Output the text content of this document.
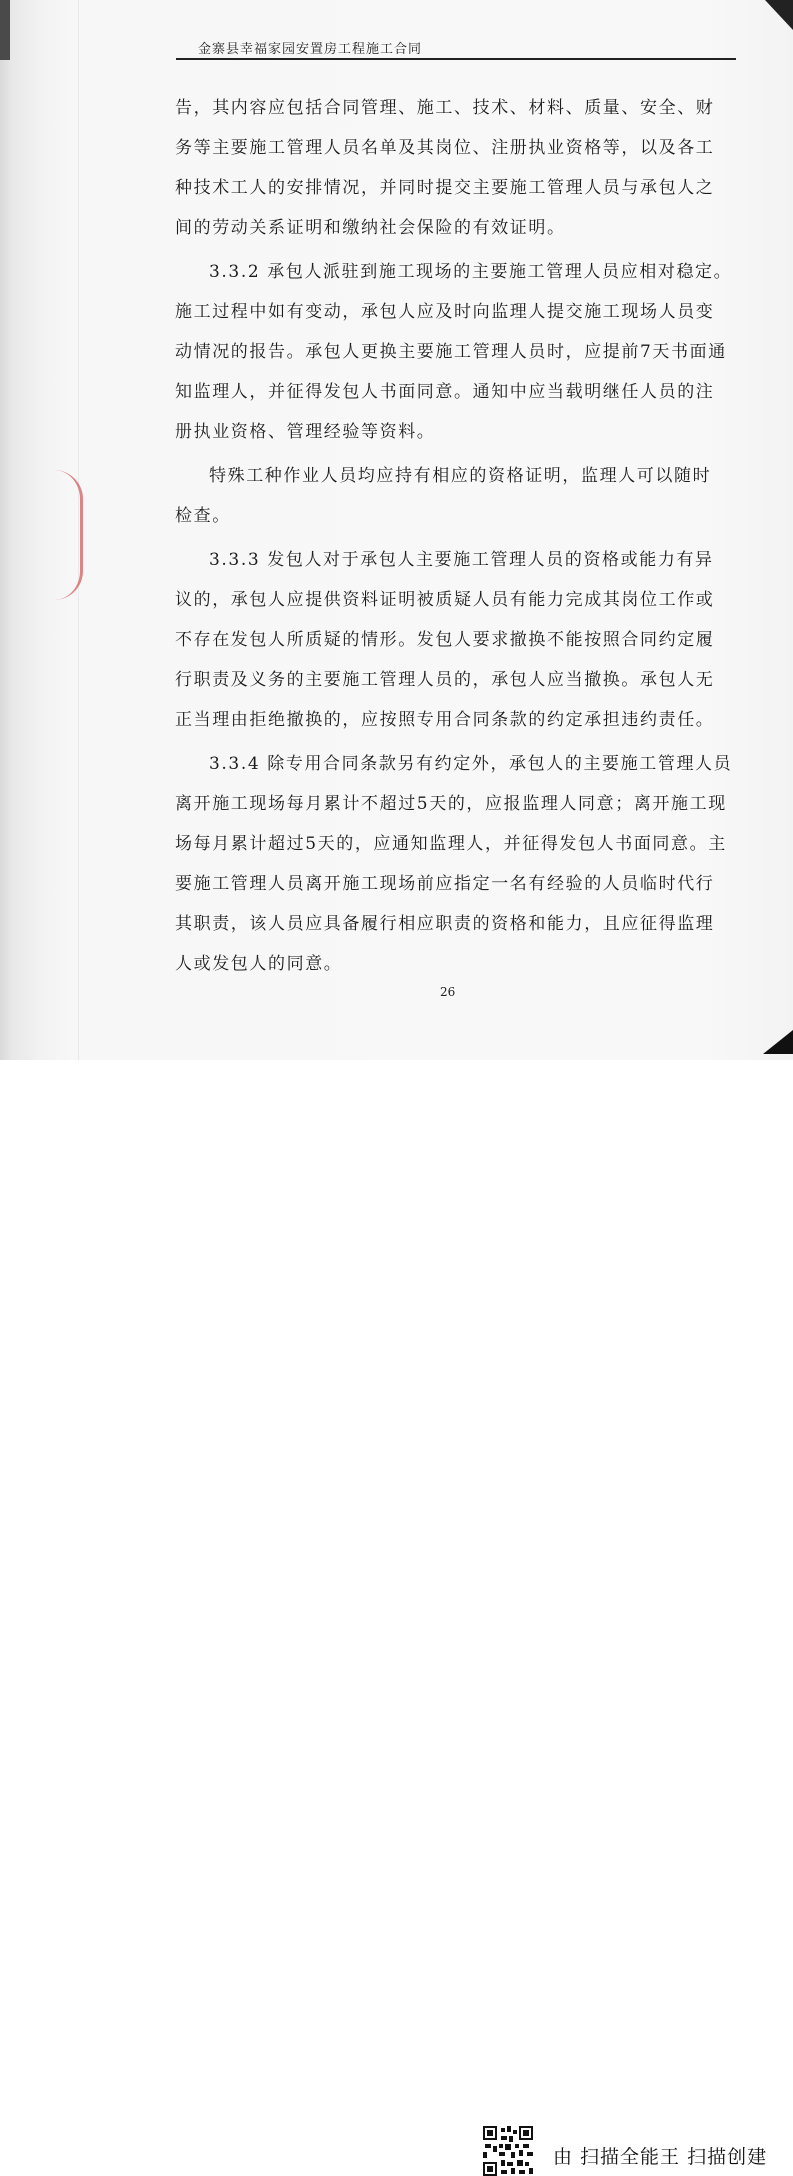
金寨县幸福家园安置房工程施工合同
告，其内容应包括合同管理、施工、技术、材料、质量、安全、财
务等主要施工管理人员名单及其岗位、注册执业资格等，以及各工
种技术工人的安排情况，并同时提交主要施工管理人员与承包人之
间的劳动关系证明和缴纳社会保险的有效证明。
3.3.2 承包人派驻到施工现场的主要施工管理人员应相对稳定。
施工过程中如有变动，承包人应及时向监理人提交施工现场人员变
动情况的报告。承包人更换主要施工管理人员时，应提前7天书面通
知监理人，并征得发包人书面同意。通知中应当载明继任人员的注
册执业资格、管理经验等资料。
特殊工种作业人员均应持有相应的资格证明，监理人可以随时
检查。
3.3.3 发包人对于承包人主要施工管理人员的资格或能力有异
议的，承包人应提供资料证明被质疑人员有能力完成其岗位工作或
不存在发包人所质疑的情形。发包人要求撤换不能按照合同约定履
行职责及义务的主要施工管理人员的，承包人应当撤换。承包人无
正当理由拒绝撤换的，应按照专用合同条款的约定承担违约责任。
3.3.4 除专用合同条款另有约定外，承包人的主要施工管理人员
离开施工现场每月累计不超过5天的，应报监理人同意；离开施工现
场每月累计超过5天的，应通知监理人，并征得发包人书面同意。主
要施工管理人员离开施工现场前应指定一名有经验的人员临时代行
其职责，该人员应具备履行相应职责的资格和能力，且应征得监理
人或发包人的同意。
26
由 扫描全能王 扫描创建
